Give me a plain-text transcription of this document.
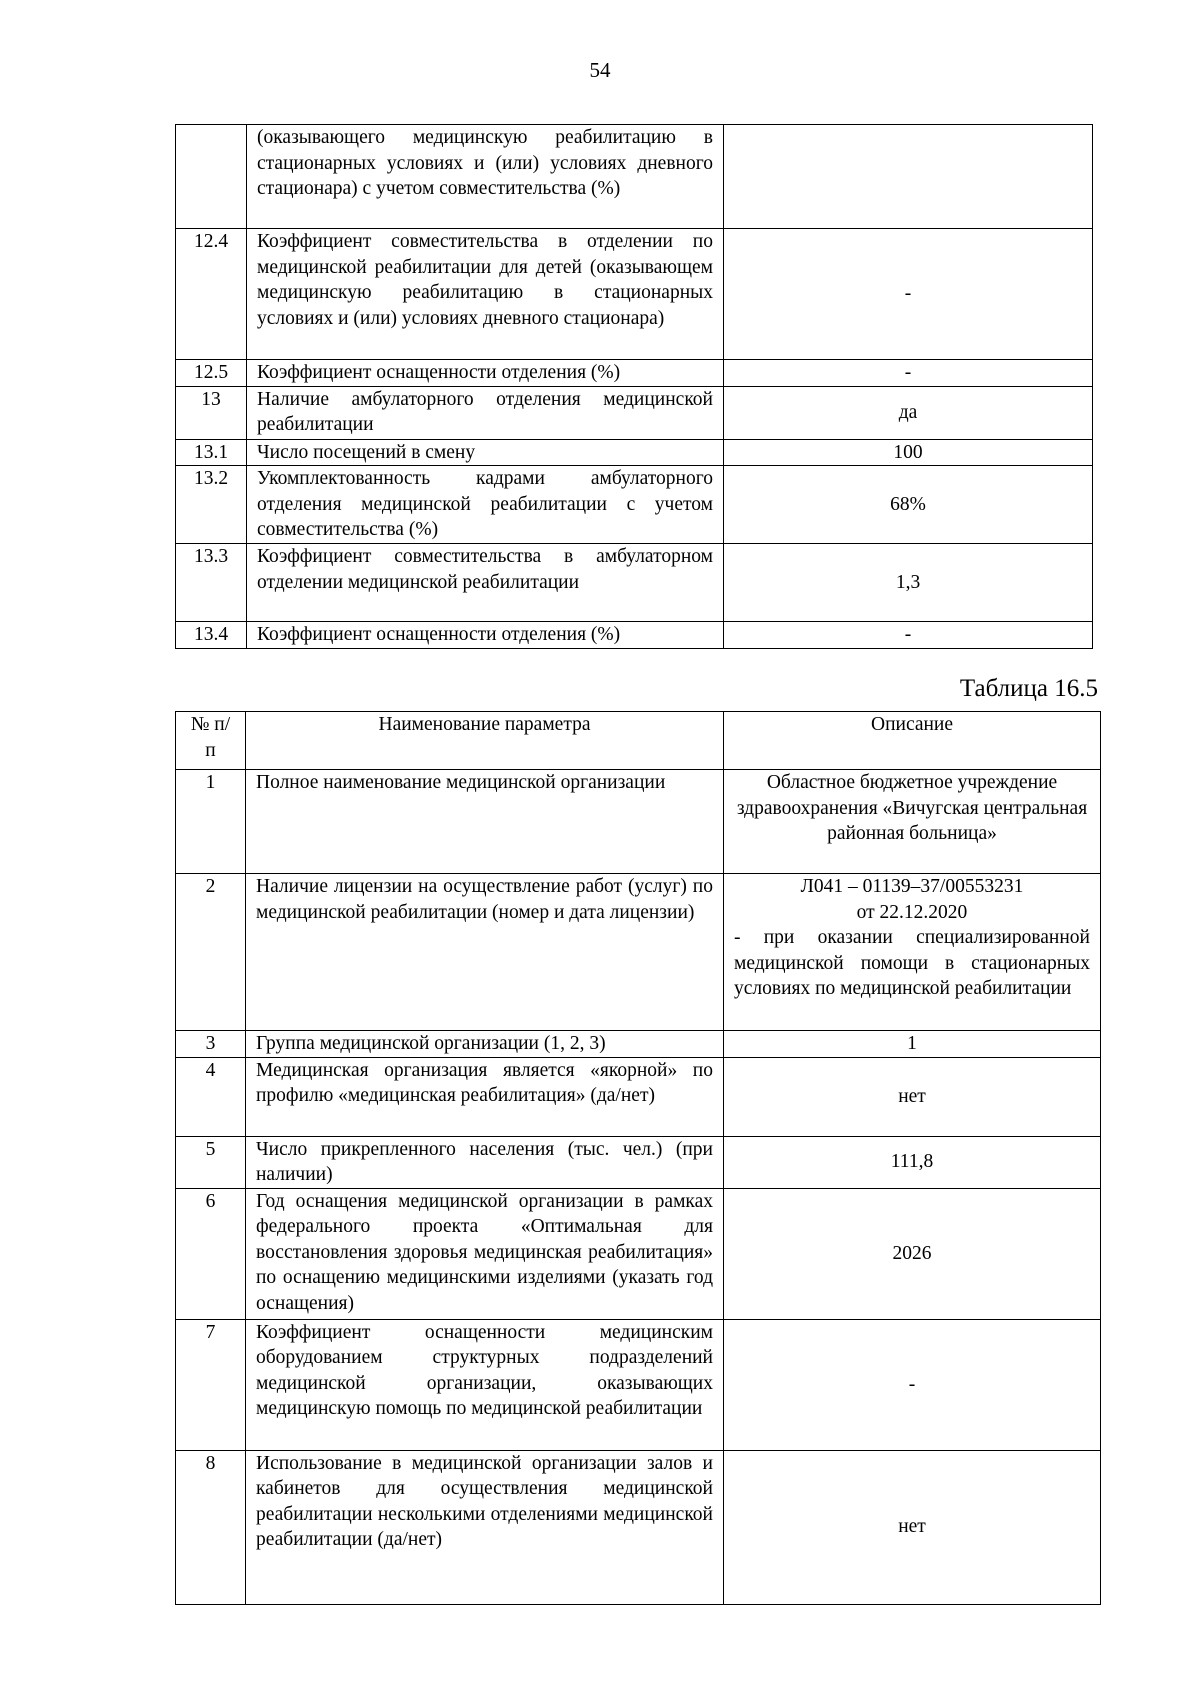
54
	(оказывающего медицинскую реабилитацию в стационарных условиях и (или) условиях дневного стационара) с учетом совместительства (%)	
12.4	Коэффициент совместительства в отделении по медицинской реабилитации для детей (оказывающем медицинскую реабилитацию в стационарных условиях и (или) условиях дневного стационара)	-
12.5	Коэффициент оснащенности отделения (%)	-
13	Наличие амбулаторного отделения медицинской реабилитации	да
13.1	Число посещений в смену	100
13.2	Укомплектованность кадрами амбулаторного отделения медицинской реабилитации с учетом совместительства (%)	68%
13.3	Коэффициент совместительства в амбулаторном отделении медицинской реабилитации	1,3
13.4	Коэффициент оснащенности отделения (%)	-
Таблица 16.5
№ п/п	Наименование параметра	Описание
1	Полное наименование медицинской организации	Областное бюджетное учреждение здравоохранения «Вичугская центральная районная больница»
2	Наличие лицензии на осуществление работ (услуг) по медицинской реабилитации (номер и дата лицензии)	Л041 – 01139–37/00553231
от 22.12.2020
- при оказании специализированной медицинской помощи в стационарных условиях по медицинской реабилитации

3	Группа медицинской организации (1, 2, 3)	1
4	Медицинская организация является «якорной» по профилю «медицинская реабилитация» (да/нет)	нет
5	Число прикрепленного населения (тыс. чел.) (при наличии)	111,8
6	Год оснащения медицинской организации в рамках федерального проекта «Оптимальная для восстановления здоровья медицинская реабилитация» по оснащению медицинскими изделиями (указать год оснащения)	2026
7	Коэффициент оснащенности медицинским оборудованием структурных подразделений медицинской организации, оказывающих медицинскую помощь по медицинской реабилитации	-
8	Использование в медицинской организации залов и кабинетов для осуществления медицинской реабилитации несколькими отделениями медицинской реабилитации (да/нет)	нет
